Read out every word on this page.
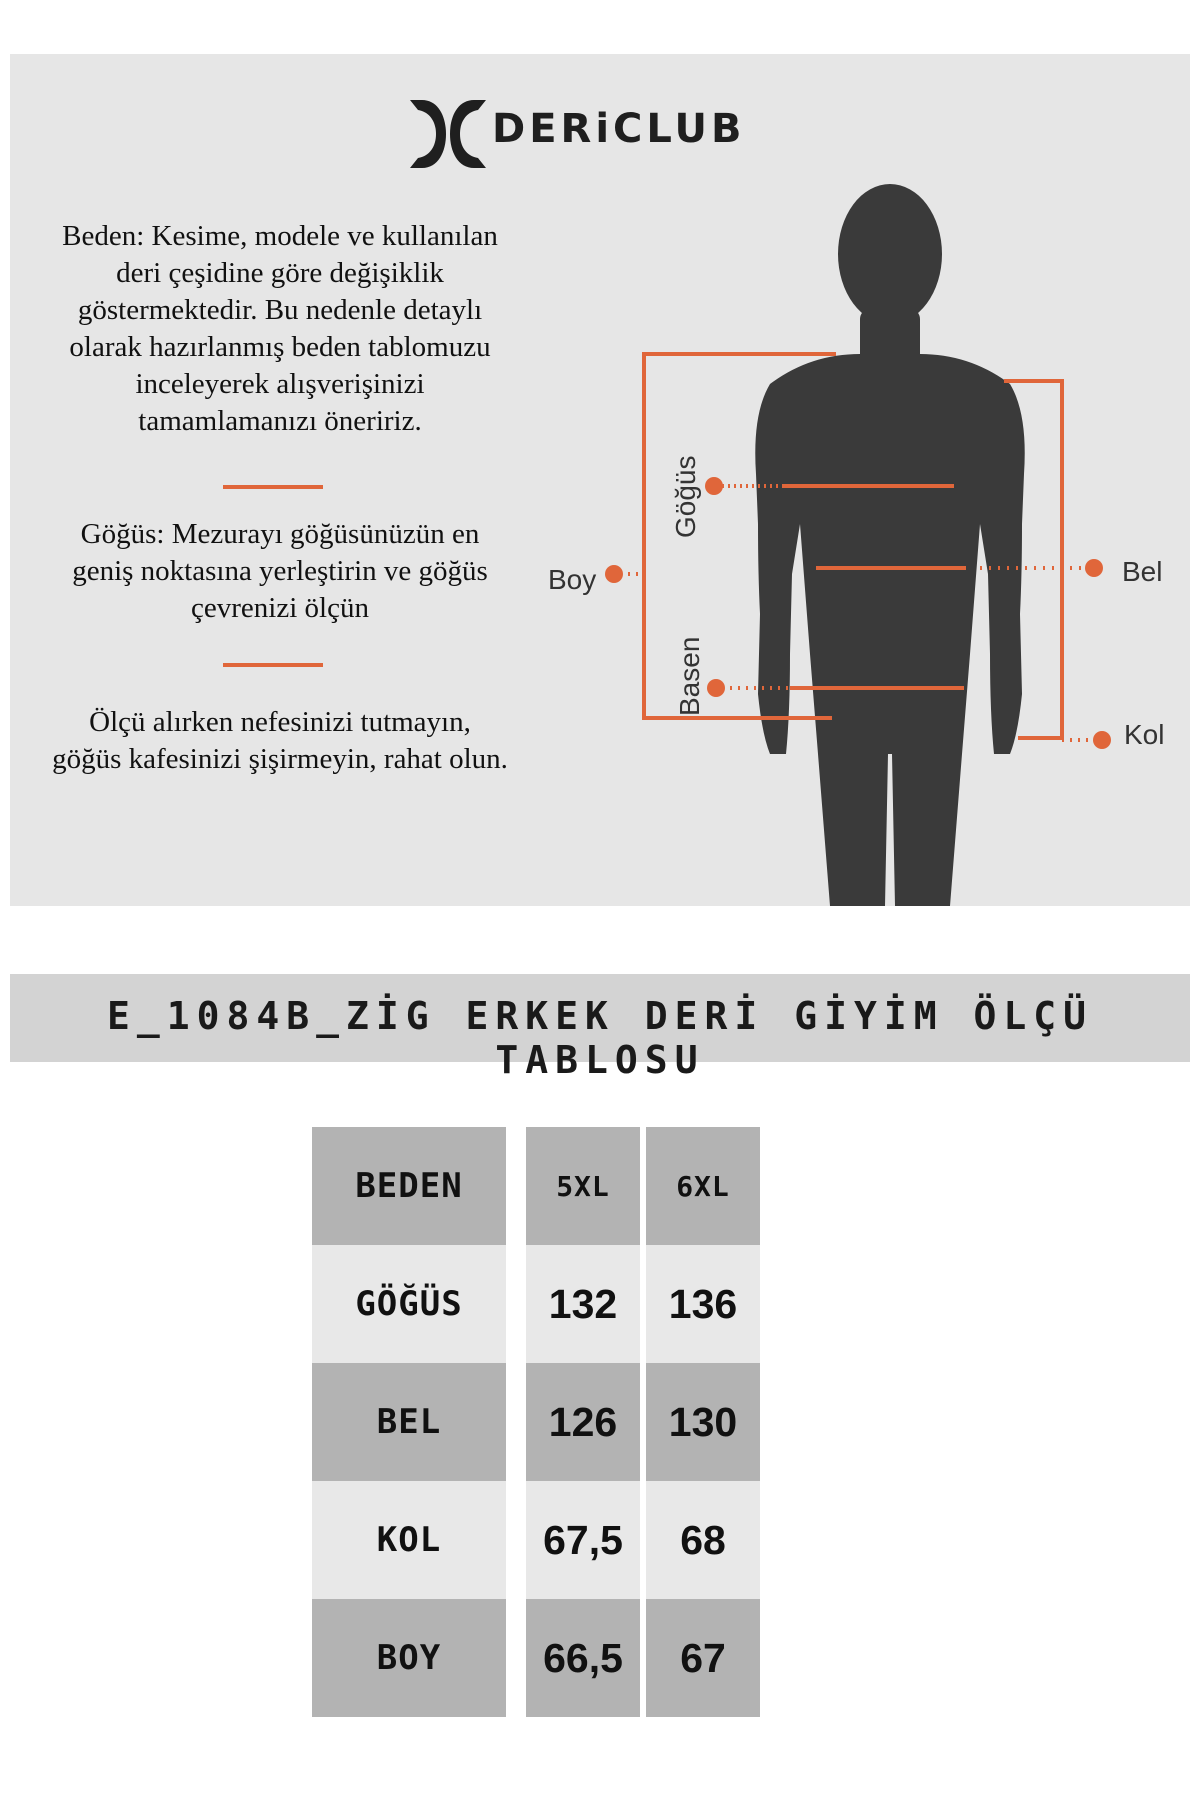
DERiCLUB
Beden: Kesime, modele ve kullanılan
deri çeşidine göre değişiklik
göstermektedir. Bu nedenle detaylı
olarak hazırlanmış beden tablomuzu
inceleyerek alışverişinizi
tamamlamanızı öneririz.
Göğüs: Mezurayı göğüsünüzün en
geniş noktasına yerleştirin ve göğüs
çevrenizi ölçün
Ölçü alırken nefesinizi tutmayın,
göğüs kafesinizi şişirmeyin, rahat olun.
Boy	Bel
Kol
Göğüs
Basen
E_1084B_ZİG ERKEK DERİ GİYİM ÖLÇÜ TABLOSU
BEDEN	5XL	6XL
GÖĞÜS	132	136
BEL	126	130
KOL	67,5	68
BOY	66,5	67
